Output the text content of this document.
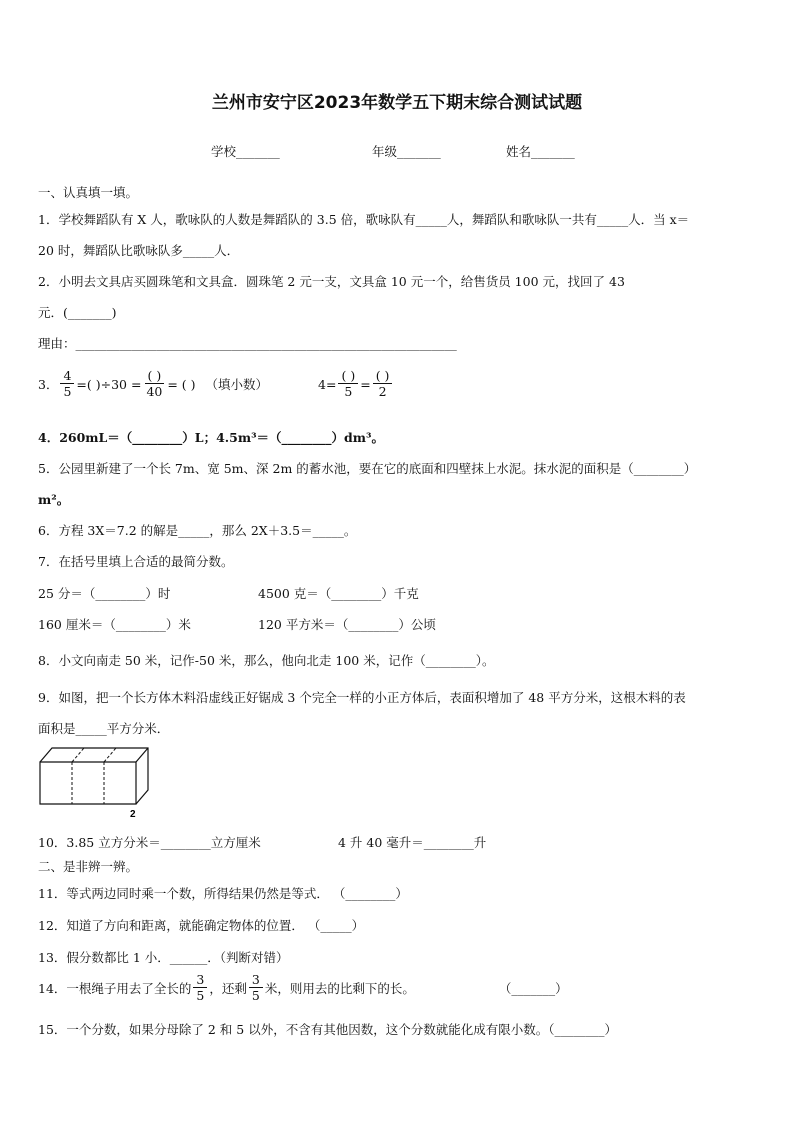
兰州市安宁区2023年数学五下期末综合测试试题
学校_______	年级_______	姓名_______
一、认真填一填。
1．学校舞蹈队有 X 人，歌咏队的人数是舞蹈队的 3.5 倍，歌咏队有_____人，舞蹈队和歌咏队一共有_____人．当 x＝
20 时，舞蹈队比歌咏队多_____人．
2．小明去文具店买圆珠笔和文具盒．圆珠笔 2 元一支，文具盒 10 元一个，给售货员 100 元，找回了 43
元．(_______)
理由：_____________________________________________________________
3． $\frac{4}{5}$ =( )$\div 30 = \frac{( )}{40}$ = ( ) （填小数）	$4= \frac{( )}{5} = \frac{( )}{2}$
4．260mL＝（________）L；4.5m³＝（________）dm³。
5．公园里新建了一个长 7m、宽 5m、深 2m 的蓄水池，要在它的底面和四壁抹上水泥。抹水泥的面积是（________）
m²。
6．方程 3X＝7.2 的解是_____，那么 2X＋3.5＝_____。
7．在括号里填上合适的最简分数。
25 分＝（________）时	4500 克＝（________）千克
160 厘米＝（________）米	120 平方米＝（________）公顷
8．小文向南走 50 米，记作-50 米，那么，他向北走 100 米，记作（________）。
9．如图，把一个长方体木料沿虚线正好锯成 3 个完全一样的小正方体后，表面积增加了 48 平方分米，这根木料的表
面积是_____平方分米．
2
10．3.85 立方分米＝________立方厘米	4 升 40 毫升＝________升
二、是非辨一辨。
11．等式两边同时乘一个数，所得结果仍然是等式． （________）
12．知道了方向和距离，就能确定物体的位置． （_____）
13．假分数都比 1 小．______．（判断对错）
14．一根绳子用去了全长的 $\frac{3}{5}$ ，还剩 $\frac{3}{5}$ 米，则用去的比剩下的长。	（_______）
15．一个分数，如果分母除了 2 和 5 以外，不含有其他因数，这个分数就能化成有限小数。（________）
